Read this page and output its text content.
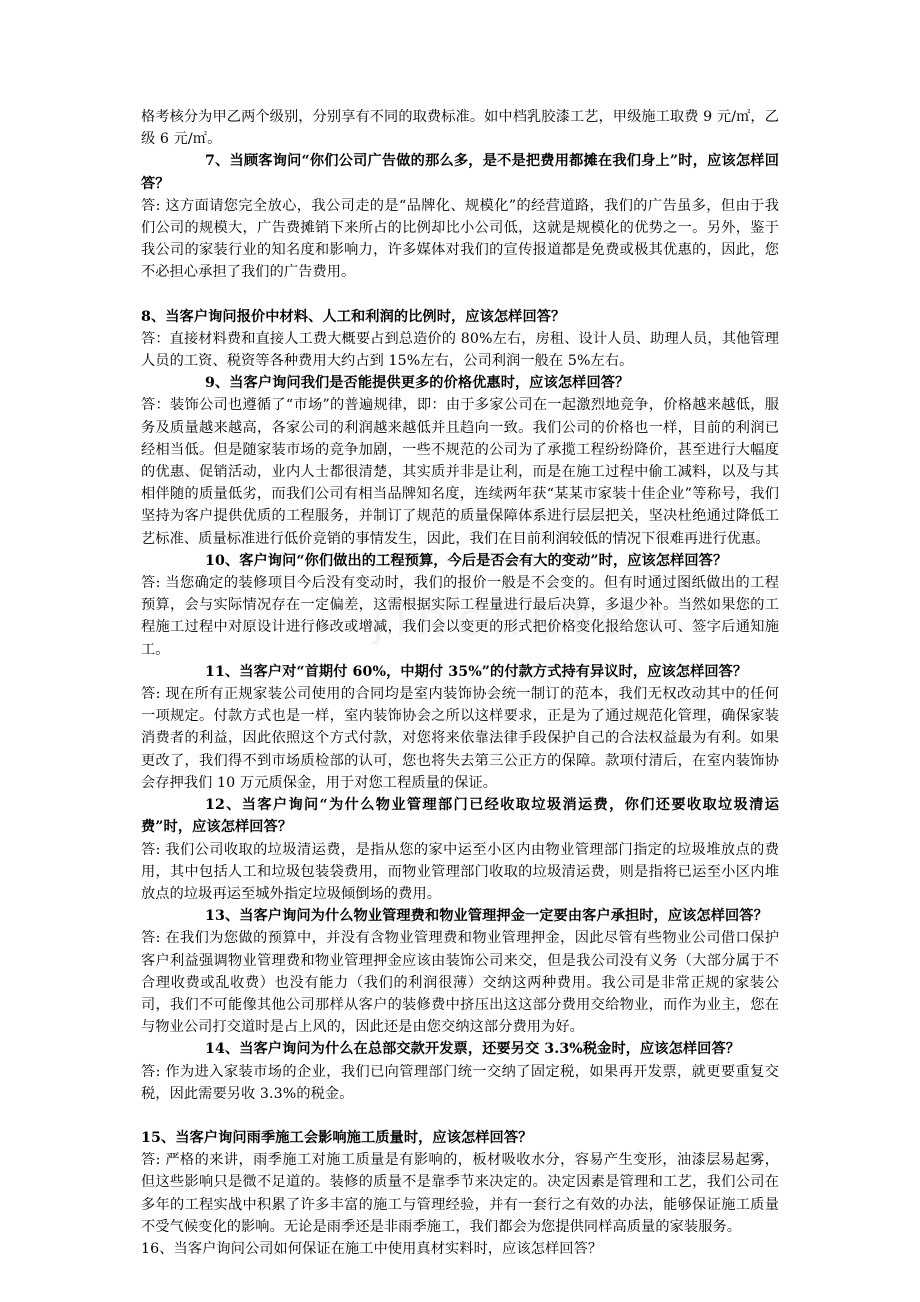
格考核分为甲乙两个级别，分别享有不同的取费标准。如中档乳胶漆工艺，甲级施工取费 9 元/㎡，乙级 6 元/㎡。

7、当顾客询问“你们公司广告做的那么多，是不是把费用都摊在我们身上”时，应该怎样回答？

答: 这方面请您完全放心，我公司走的是“品牌化、规模化”的经营道路，我们的广告虽多，但由于我们公司的规模大，广告费摊销下来所占的比例却比小公司低，这就是规模化的优势之一。另外，鉴于我公司的家装行业的知名度和影响力，许多媒体对我们的宣传报道都是免费或极其优惠的，因此，您不必担心承担了我们的广告费用。

8、当客户询问报价中材料、人工和利润的比例时，应该怎样回答？

答：直接材料费和直接人工费大概要占到总造价的 80%左右，房租、设计人员、助理人员，其他管理人员的工资、税资等各种费用大约占到 15%左右，公司利润一般在 5%左右。

9、当客户询问我们是否能提供更多的价格优惠时，应该怎样回答？

答：装饰公司也遵循了“市场”的普遍规律，即：由于多家公司在一起激烈地竞争，价格越来越低，服务及质量越来越高，各家公司的利润越来越低并且趋向一致。我们公司的价格也一样，目前的利润已经相当低。但是随家装市场的竞争加剧，一些不规范的公司为了承揽工程纷纷降价，甚至进行大幅度的优惠、促销活动，业内人士都很清楚，其实质并非是让利，而是在施工过程中偷工减料，以及与其相伴随的质量低劣，而我们公司有相当品牌知名度，连续两年获“某某市家装十佳企业”等称号，我们坚持为客户提供优质的工程服务，并制订了规范的质量保障体系进行层层把关，坚决杜绝通过降低工艺标准、质量标准进行低价竞销的事情发生，因此，我们在目前利润较低的情况下很难再进行优惠。

10、客户询问“你们做出的工程预算，今后是否会有大的变动”时，应该怎样回答？

答: 当您确定的装修项目今后没有变动时，我们的报价一般是不会变的。但有时通过图纸做出的工程预算，会与实际情况存在一定偏差，这需根据实际工程量进行最后决算，多退少补。当然如果您的工程施工过程中对原设计进行修改或增减，我们会以变更的形式把价格变化报给您认可、签字后通知施工。

11、当客户对“首期付 60%，中期付 35%”的付款方式持有异议时，应该怎样回答？

答: 现在所有正规家装公司使用的合同均是室内装饰协会统一制订的范本，我们无权改动其中的任何一项规定。付款方式也是一样，室内装饰协会之所以这样要求，正是为了通过规范化管理，确保家装消费者的利益，因此依照这个方式付款，对您将来依靠法律手段保护自己的合法权益最为有利。如果更改了，我们得不到市场质检部的认可，您也将失去第三公正方的保障。款项付清后，在室内装饰协会存押我们 10 万元质保金，用于对您工程质量的保证。

12、当客户询问“为什么物业管理部门已经收取垃圾消运费，你们还要收取垃圾清运费”时，应该怎样回答？

答: 我们公司收取的垃圾清运费，是指从您的家中运至小区内由物业管理部门指定的垃圾堆放点的费用，其中包括人工和垃圾包装袋费用，而物业管理部门收取的垃圾清运费，则是指将已运至小区内堆放点的垃圾再运至城外指定垃圾倾倒场的费用。

13、当客户询问为什么物业管理费和物业管理押金一定要由客户承担时，应该怎样回答？

答: 在我们为您做的预算中，并没有含物业管理费和物业管理押金，因此尽管有些物业公司借口保护客户利益强调物业管理费和物业管理押金应该由装饰公司来交，但是我公司没有义务（大部分属于不合理收费或乱收费）也没有能力（我们的利润很薄）交纳这两种费用。我公司是非常正规的家装公司，我们不可能像其他公司那样从客户的装修费中挤压出这这部分费用交给物业，而作为业主，您在与物业公司打交道时是占上风的，因此还是由您交纳这部分费用为好。

14、当客户询问为什么在总部交款开发票，还要另交 3.3%税金时，应该怎样回答？

答: 作为进入家装市场的企业，我们已向管理部门统一交纳了固定税，如果再开发票，就更要重复交税，因此需要另收 3.3%的税金。

15、当客户询问雨季施工会影响施工质量时，应该怎样回答？

答: 严格的来讲，雨季施工对施工质量是有影响的，板材吸收水分，容易产生变形，油漆层易起雾，但这些影响只是微不足道的。装修的质量不是靠季节来决定的。决定因素是管理和工艺，我们公司在多年的工程实战中积累了许多丰富的施工与管理经验，并有一套行之有效的办法，能够保证施工质量不受气候变化的影响。无论是雨季还是非雨季施工，我们都会为您提供同样高质量的家装服务。

16、当客户询问公司如何保证在施工中使用真材实料时，应该怎样回答？
